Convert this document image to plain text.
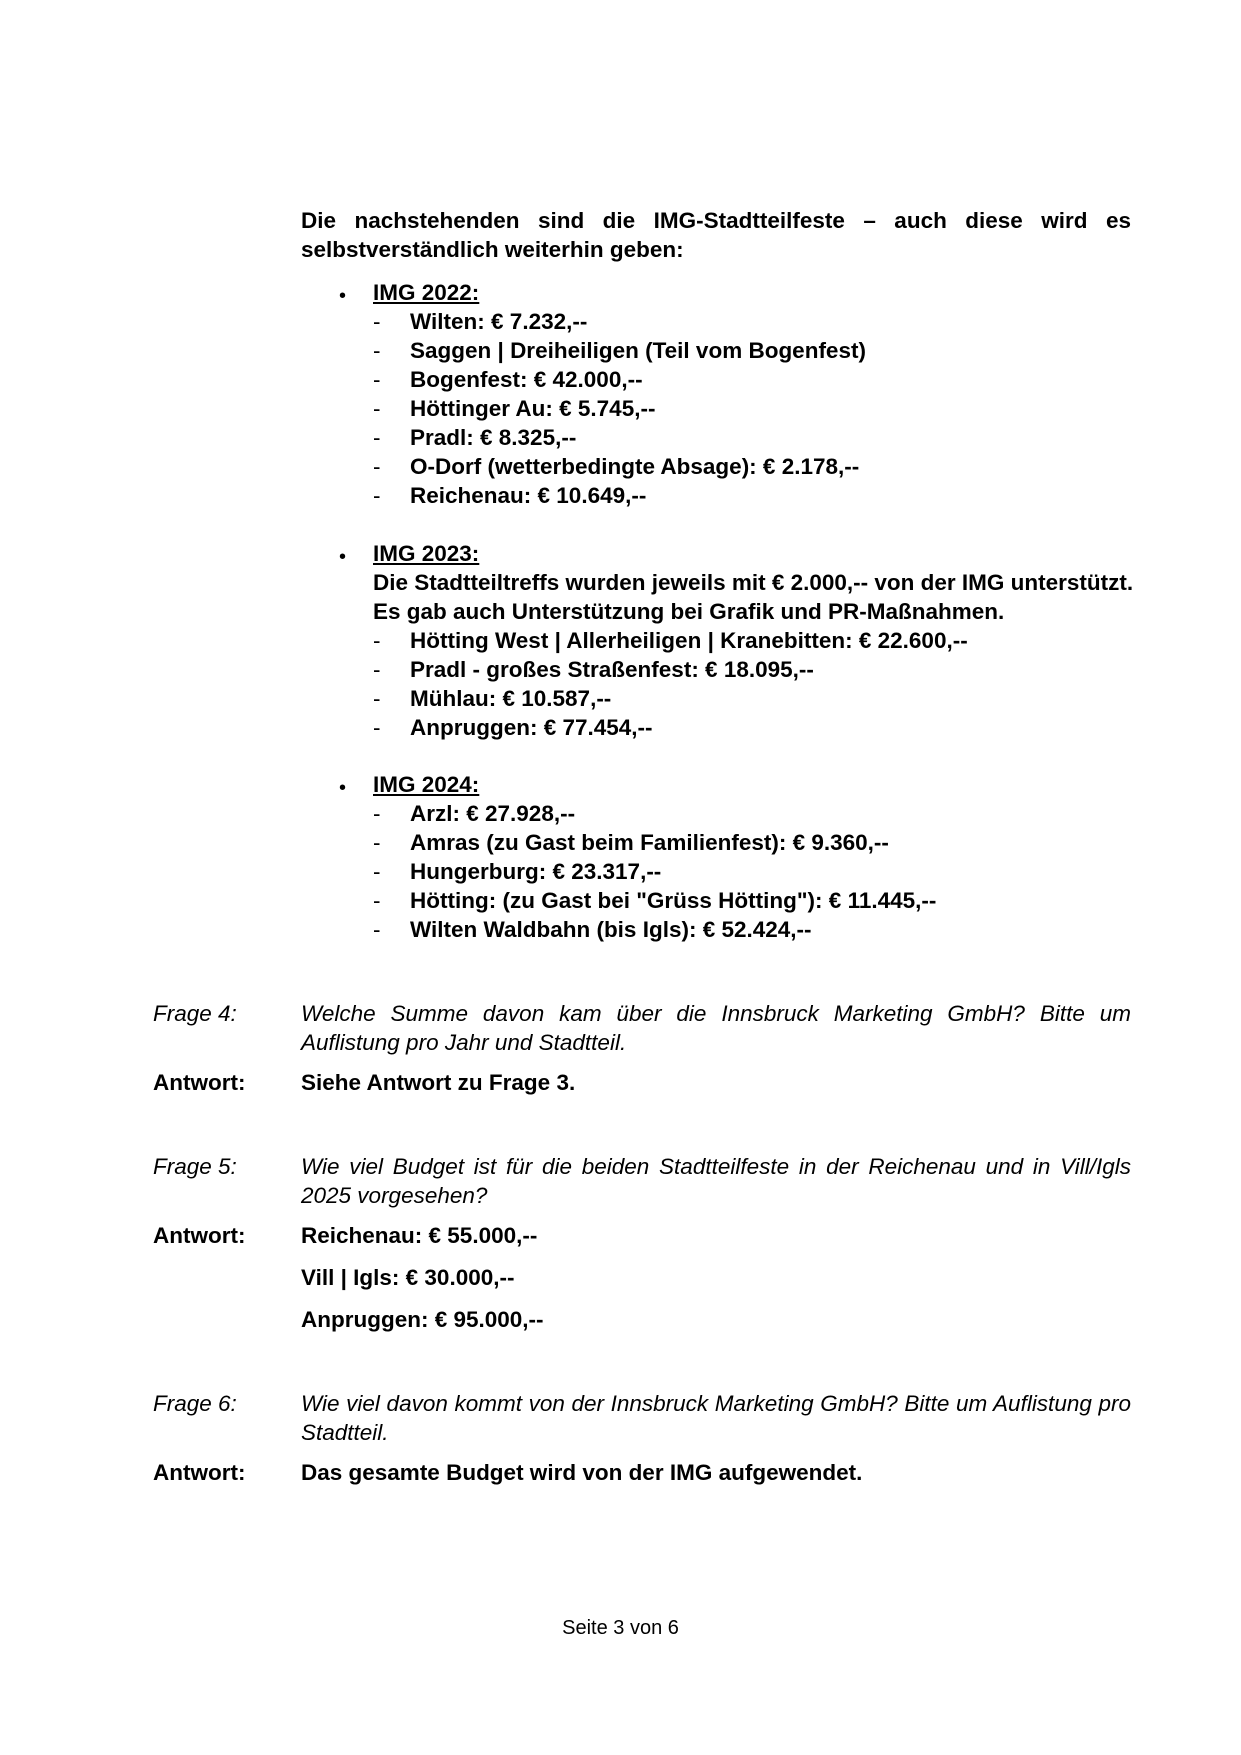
Die nachstehenden sind die IMG-Stadtteilfeste – auch diese wird es selbstverständlich weiterhin geben:
• IMG 2022:
- Wilten: € 7.232,--
- Saggen | Dreiheiligen (Teil vom Bogenfest)
- Bogenfest: € 42.000,--
- Höttinger Au: € 5.745,--
- Pradl: € 8.325,--
- O-Dorf (wetterbedingte Absage): € 2.178,--
- Reichenau: € 10.649,--
• IMG 2023:
Die Stadtteiltreffs wurden jeweils mit € 2.000,-- von der IMG unterstützt.
Es gab auch Unterstützung bei Grafik und PR-Maßnahmen.
- Hötting West | Allerheiligen | Kranebitten: € 22.600,--
- Pradl - großes Straßenfest: € 18.095,--
- Mühlau: € 10.587,--
- Anpruggen: € 77.454,--
• IMG 2024:
- Arzl: € 27.928,--
- Amras (zu Gast beim Familienfest): € 9.360,--
- Hungerburg: € 23.317,--
- Hötting: (zu Gast bei "Grüss Hötting"): € 11.445,--
- Wilten Waldbahn (bis Igls): € 52.424,--
Frage 4:	Welche Summe davon kam über die Innsbruck Marketing GmbH? Bitte um Auflistung pro Jahr und Stadtteil.
Antwort: Siehe Antwort zu Frage 3.
Frage 5:	Wie viel Budget ist für die beiden Stadtteilfeste in der Reichenau und in Vill/Igls 2025 vorgesehen?
Antwort: Reichenau: € 55.000,--
Vill | Igls: € 30.000,--
Anpruggen: € 95.000,--
Frage 6:	Wie viel davon kommt von der Innsbruck Marketing GmbH? Bitte um Auflistung pro Stadtteil.
Antwort: Das gesamte Budget wird von der IMG aufgewendet.
Seite 3 von 6
